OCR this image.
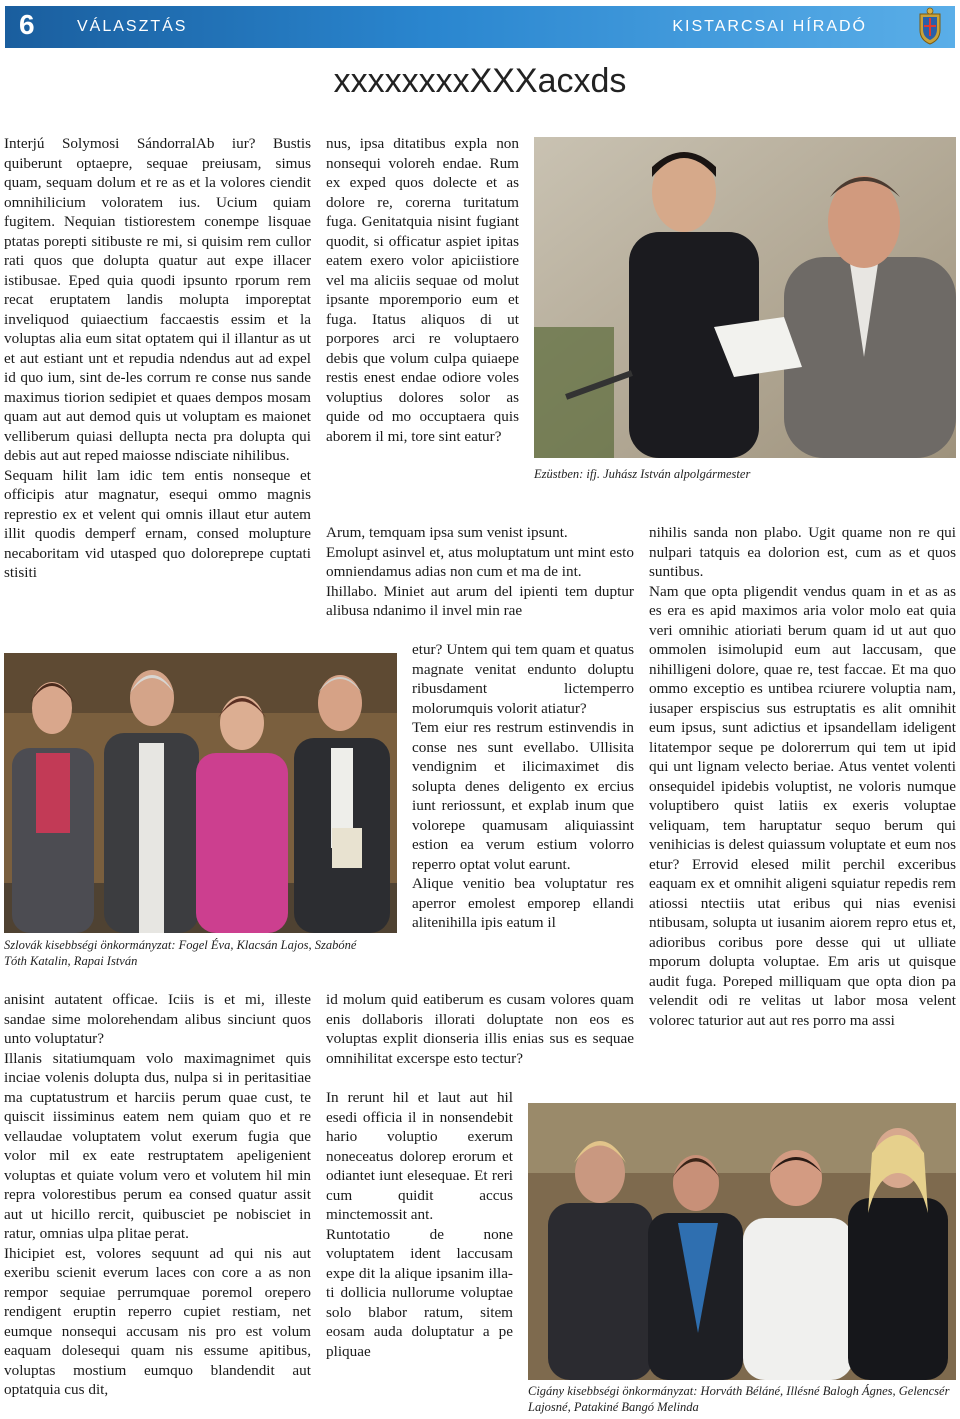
6	VÁLASZTÁS	KISTARCSAI HÍRADÓ
xxxxxxxxXXXacxds

Interjú Solymosi SándorralAb iur? Bustis quiberunt optaepre, sequae preiusam, simus quam, sequam dolum et re as et la volores ciendit omnihilicium voloratem ius. Ucium quiam fugitem. Nequian tistiorestem conempe lisquae ptatas porepti sitibuste re mi, si quisim rem cullor rati quos que dolupta quatur aut expe illacer istibusae. Eped quia quodi ipsunto rporum rem recat eruptatem landis molupta imporeptat inveliquod quiaectium faccaestis essim et la voluptas alia eum sitat optatem qui il illantur as ut et aut estiant unt et repudia ndendus aut ad expel id quo ium, sint de-les corrum re conse nus sande maximus tiorion sedipiet et quaes dempos mosam quam aut aut demod quis ut voluptam es maionet velliberum quiasi dellupta necta pra dolupta qui debis aut aut reped maiosse ndisciate nihilibus.

Sequam hilit lam idic tem entis nonseque et officipis atur magnatur, esequi ommo magnis represtio ex et velent qui omnis illaut etur autem illit quodis demperf ernam, consed molupture necaboritam vid utasped quo dolorеprepe cuptati stisiti

nus, ipsa ditatibus expla non nonsequi voloreh endae. Rum ex exped quos dolecte et as dolore re, corerna turitatum fuga. Genitatquia nisint fugiant quodit, si officatur aspiet ipitas eatem exero volor apiciistiore vel ma aliciis sequae od molut ipsante mporemporio eum et fuga. Itatus aliquos di ut porpores arci re voluptaero debis que volum culpa quiaepe restis enest endae odiore voles voluptius dolores solor as quide od mo occuptaera quis aborem il mi, tore sint eatur?

Ezüstben: ifj. Juhász István alpolgármester

Arum, temquam ipsa sum venist ipsunt.

Emolupt asinvel et, atus moluptatum unt mint esto omniendamus adias non cum et ma de int.

Ihillabo. Miniet aut arum del ipienti tem duptur alibusa ndanimo il invel min rae

nihilis sanda non plabo. Ugit quame non re qui nulpari tatquis ea dolorion est, cum as et quos suntibus.

Nam que opta pligendit vendus quam in et as as es era es apid maximos aria volor molo eat quia veri omnihic atioriati berum quam id ut aut quo ommolen isimolupid eum aut laccusam, que nihilligeni dolore, quae re, test faccae. Et ma quo ommo exceptio es untibea rciurere voluptia nam, iusaper erspiscius sus estruptatis es alit omnihit eum ipsus, sunt adictius et ipsandellam ideligent litatempor seque pe dolorerrum qui tem ut ipid qui unt lignam velecto beriae. Atus ventet volenti onsequidel ipidebis voluptist, ne voloris numque voluptibero quist latiis ex exeris voluptae veliquam, tem haruptatur sequo berum qui venihicias is delest quiassum voluptate et eum nos etur? Errovid elesed milit perchil exceribus eaquam ex et omnihit aligeni squiatur repedis rem atiossi ntectiis utat eribus qui nias evenisi ntibusam, solupta ut iusanim aiorem repro etus et, adioribus coribus pore desse qui ut ulliate mporum dolupta voluptae. Em aris ut quisque audit fuga. Poreped milliquam que opta dion pa velendit odi re velitas ut labor mosa velent volorec taturior aut aut res porro ma assi

Szlovák kisebbségi önkormányzat: Fogel Éva, Klacsán Lajos, Szabóné Tóth Katalin, Rapai István

etur? Untem qui tem quam et quatus magnate venitat endunto doluptu ribusdament lictemperro molorumquis volorit atiatur?

Tem eiur res restrum estinvendis in conse nes sunt evellabo. Ullisita vendignim et ilicimaximet dis solupta denes deligento ex ercius iunt reriossunt, et explab inum que volorepe quamusam aliquiassint estion ea verum estium volorro reperro optat volut earunt.

Alique venitio bea voluptatur res aperror emolest emporep ellandi alitenihilla ipis eatum il

anisint autatent officae. Iciis is et mi, illeste sandae sime molorehendam alibus sinciunt quos unto voluptatur?

Illanis sitatiumquam volo maximagnimet quis inciae volenis dolupta dus, nulpa si in peritasitiae ma cuptatustrum et harciis perum quae cust, te quiscit iissiminus eatem nem quiam quo et re vellaudae voluptatem volut exerum fugia que volor mil ex eate restruptatem apeligenient voluptas et quiate volum vero et volutem hil min repra volorestibus perum ea consed quatur assit aut ut hicillo rercit, quibusciet pe nobisciet in ratur, omnias ulpa plitae perat.

Ihicipiet est, volores sequunt ad qui nis aut exeribu scienit everum laces con core a as non rempor sequiae perrumquae poremol orepero rendigent eruptin reperro cupiet restiam, net eumque nonsequi accusam nis pro est volum eaquam dolesequi quam nis essume apitibus, voluptas mostium eumquo blandendit aut optatquia cus dit,

id molum quid eatiberum es cusam volores quam enis dollaboris illorati doluptate non eos es voluptas explit dionseria illis enias sus es sequae omnihilitat excerspe esto tectur?

In rerunt hil et laut aut hil esedi officia il in nonsendebit hario voluptio exerum noneceatus dolorep erorum et odiantet iunt elesequae. Et reri cum quidit accus minctemossit ant.

Runtotatio de none voluptatem ident laccusam expe dit la alique ipsanim illa-ti dollicia nullorume voluptae solo blabor ratum, sitem eosam auda doluptatur a pe pliquae

Cigány kisebbségi önkormányzat: Horváth Béláné, Illésné Balogh Ágnes, Gelencsér Lajosné, Patakiné Bangó Melinda
